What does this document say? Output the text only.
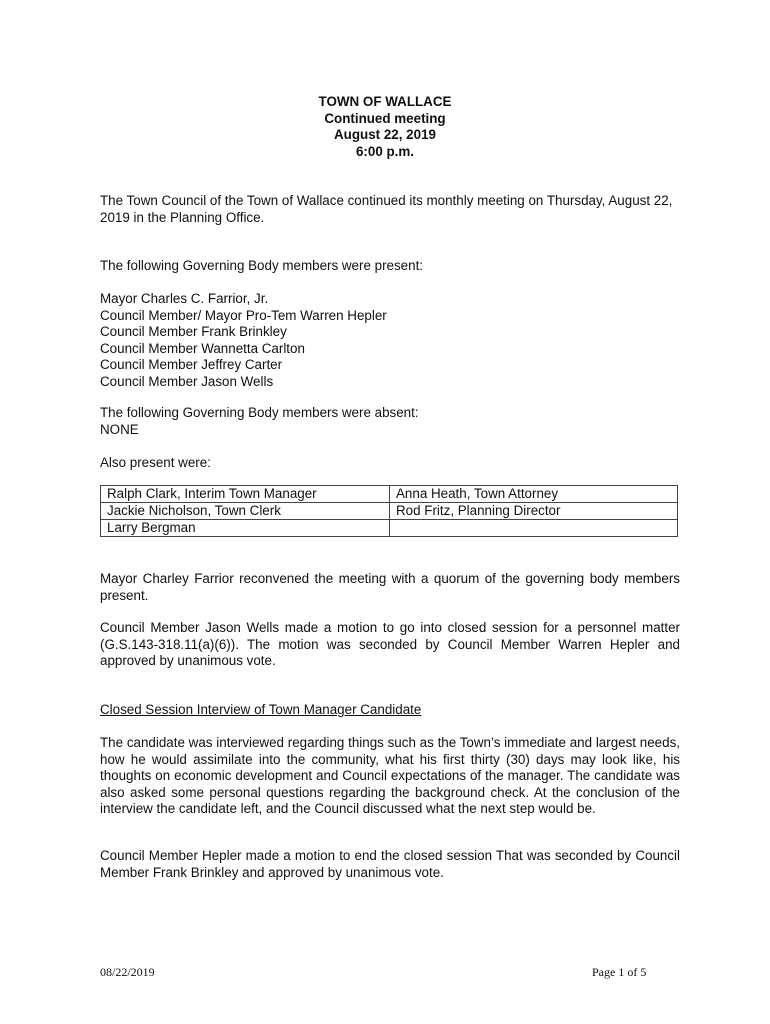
TOWN OF WALLACE
Continued meeting
August 22, 2019
6:00 p.m.
The Town Council of the Town of Wallace continued its monthly meeting on Thursday, August 22, 2019 in the Planning Office.
The following Governing Body members were present:
Mayor Charles C. Farrior, Jr.
Council Member/ Mayor Pro-Tem Warren Hepler
Council Member Frank Brinkley
Council Member Wannetta Carlton
Council Member Jeffrey Carter
Council Member Jason Wells
The following Governing Body members were absent:
NONE
Also present were:
Ralph Clark, Interim Town Manager	Anna Heath, Town Attorney
Jackie Nicholson, Town Clerk	Rod Fritz, Planning Director
Larry Bergman	
Mayor Charley Farrior reconvened the meeting with a quorum of the governing body members present.
Council Member Jason Wells made a motion to go into closed session for a personnel matter (G.S.143-318.11(a)(6)). The motion was seconded by Council Member Warren Hepler and approved by unanimous vote.
Closed Session Interview of Town Manager Candidate
The candidate was interviewed regarding things such as the Town’s immediate and largest needs, how he would assimilate into the community, what his first thirty (30) days may look like, his thoughts on economic development and Council expectations of the manager. The candidate was also asked some personal questions regarding the background check. At the conclusion of the interview the candidate left, and the Council discussed what the next step would be.
Council Member Hepler made a motion to end the closed session That was seconded by Council Member Frank Brinkley and approved by unanimous vote.
08/22/2019	Page 1 of 5
